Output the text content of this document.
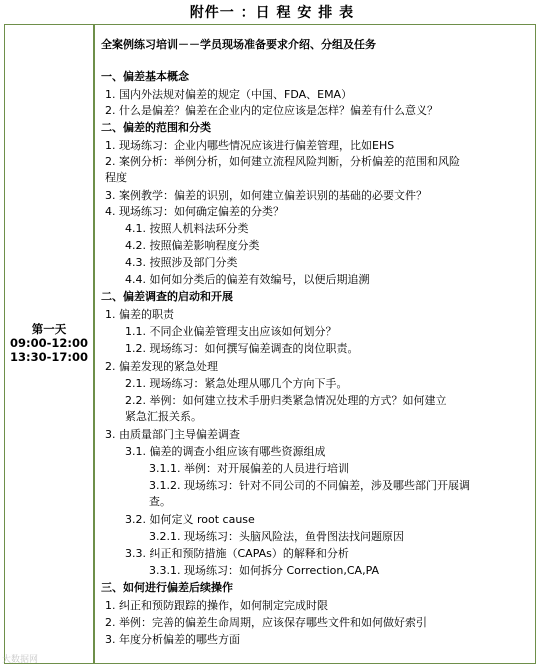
附件一 ：日 程 安 排 表
第一天
09:00-12:00
13:30-17:00
全案例练习培训－－学员现场准备要求介绍、分组及任务
一、偏差基本概念
1. 国内外法规对偏差的规定（中国、FDA、EMA）
2. 什么是偏差？偏差在企业内的定位应该是怎样？偏差有什么意义？
二、偏差的范围和分类
1. 现场练习：企业内哪些情况应该进行偏差管理，比如EHS
2. 案例分析：举例分析，如何建立流程风险判断，分析偏差的范围和风险
程度
3. 案例教学：偏差的识别，如何建立偏差识别的基础的必要文件？
4. 现场练习：如何确定偏差的分类？
4.1. 按照人机料法环分类
4.2. 按照偏差影响程度分类
4.3. 按照涉及部门分类
4.4. 如何如分类后的偏差有效编号，以便后期追溯
二、偏差调查的启动和开展
1. 偏差的职责
1.1. 不同企业偏差管理支出应该如何划分？
1.2. 现场练习：如何撰写偏差调查的岗位职责。
2. 偏差发现的紧急处理
2.1. 现场练习：紧急处理从哪几个方向下手。
2.2. 举例：如何建立技术手册归类紧急情况处理的方式？如何建立
紧急汇报关系。
3. 由质量部门主导偏差调查
3.1. 偏差的调查小组应该有哪些资源组成
3.1.1. 举例：对开展偏差的人员进行培训
3.1.2. 现场练习：针对不同公司的不同偏差，涉及哪些部门开展调
查。
3.2. 如何定义 root cause
3.2.1. 现场练习：头脑风险法，鱼骨图法找问题原因
3.3. 纠正和预防措施（CAPAs）的解释和分析
3.3.1. 现场练习：如何拆分 Correction,CA,PA
三、如何进行偏差后续操作
1. 纠正和预防跟踪的操作，如何制定完成时限
2. 举例：完善的偏差生命周期，应该保存哪些文件和如何做好索引
3. 年度分析偏差的哪些方面
大数据网
